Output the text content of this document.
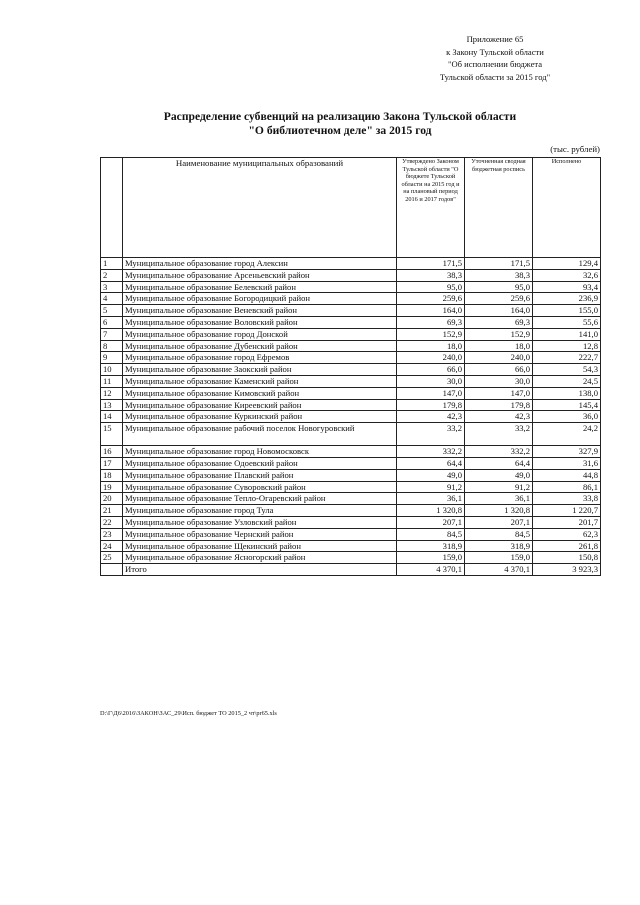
Приложение 65
к Закону Тульской области
"Об исполнении бюджета
Тульской области за 2015 год"
Распределение субвенций на реализацию Закона Тульской области
"О библиотечном деле" за 2015 год
(тыс. рублей)
	Наименование муниципальных образований	Утверждено Законом Тульской области "О бюджете Тульской области на 2015 год и на плановый период 2016 и 2017 годов"	Уточненная сводная бюджетная роспись	Исполнено
1	Муниципальное образование город Алексин	171,5	171,5	129,4
2	Муниципальное образование Арсеньевский район	38,3	38,3	32,6
3	Муниципальное образование Белевский район	95,0	95,0	93,4
4	Муниципальное образование Богородицкий район	259,6	259,6	236,9
5	Муниципальное образование Веневский район	164,0	164,0	155,0
6	Муниципальное образование Воловский район	69,3	69,3	55,6
7	Муниципальное образование город Донской	152,9	152,9	141,0
8	Муниципальное образование Дубенский район	18,0	18,0	12,8
9	Муниципальное образование город Ефремов	240,0	240,0	222,7
10	Муниципальное образование Заокский район	66,0	66,0	54,3
11	Муниципальное образование Каменский район	30,0	30,0	24,5
12	Муниципальное образование Кимовский район	147,0	147,0	138,0
13	Муниципальное образование Киреевский район	179,8	179,8	145,4
14	Муниципальное образование Куркинский район	42,3	42,3	36,0
15	Муниципальное образование рабочий поселок Новогуровский	33,2	33,2	24,2
16	Муниципальное образование город Новомосковск	332,2	332,2	327,9
17	Муниципальное образование Одоевский район	64,4	64,4	31,6
18	Муниципальное образование Плавский район	49,0	49,0	44,8
19	Муниципальное образование Суворовский район	91,2	91,2	86,1
20	Муниципальное образование Тепло-Огаревский район	36,1	36,1	33,8
21	Муниципальное образование город Тула	1 320,8	1 320,8	1 220,7
22	Муниципальное образование Узловский район	207,1	207,1	201,7
23	Муниципальное образование Чернский район	84,5	84,5	62,3
24	Муниципальное образование Щекинский район	318,9	318,9	261,8
25	Муниципальное образование Ясногорский район	159,0	159,0	150,8
	Итого	4 370,1	4 370,1	3 923,3
D:\Г\Д6\2016\ЗАКОН\ЗАС_29\Исп. бюджет ТО 2015_2 чт\pr65.xls
